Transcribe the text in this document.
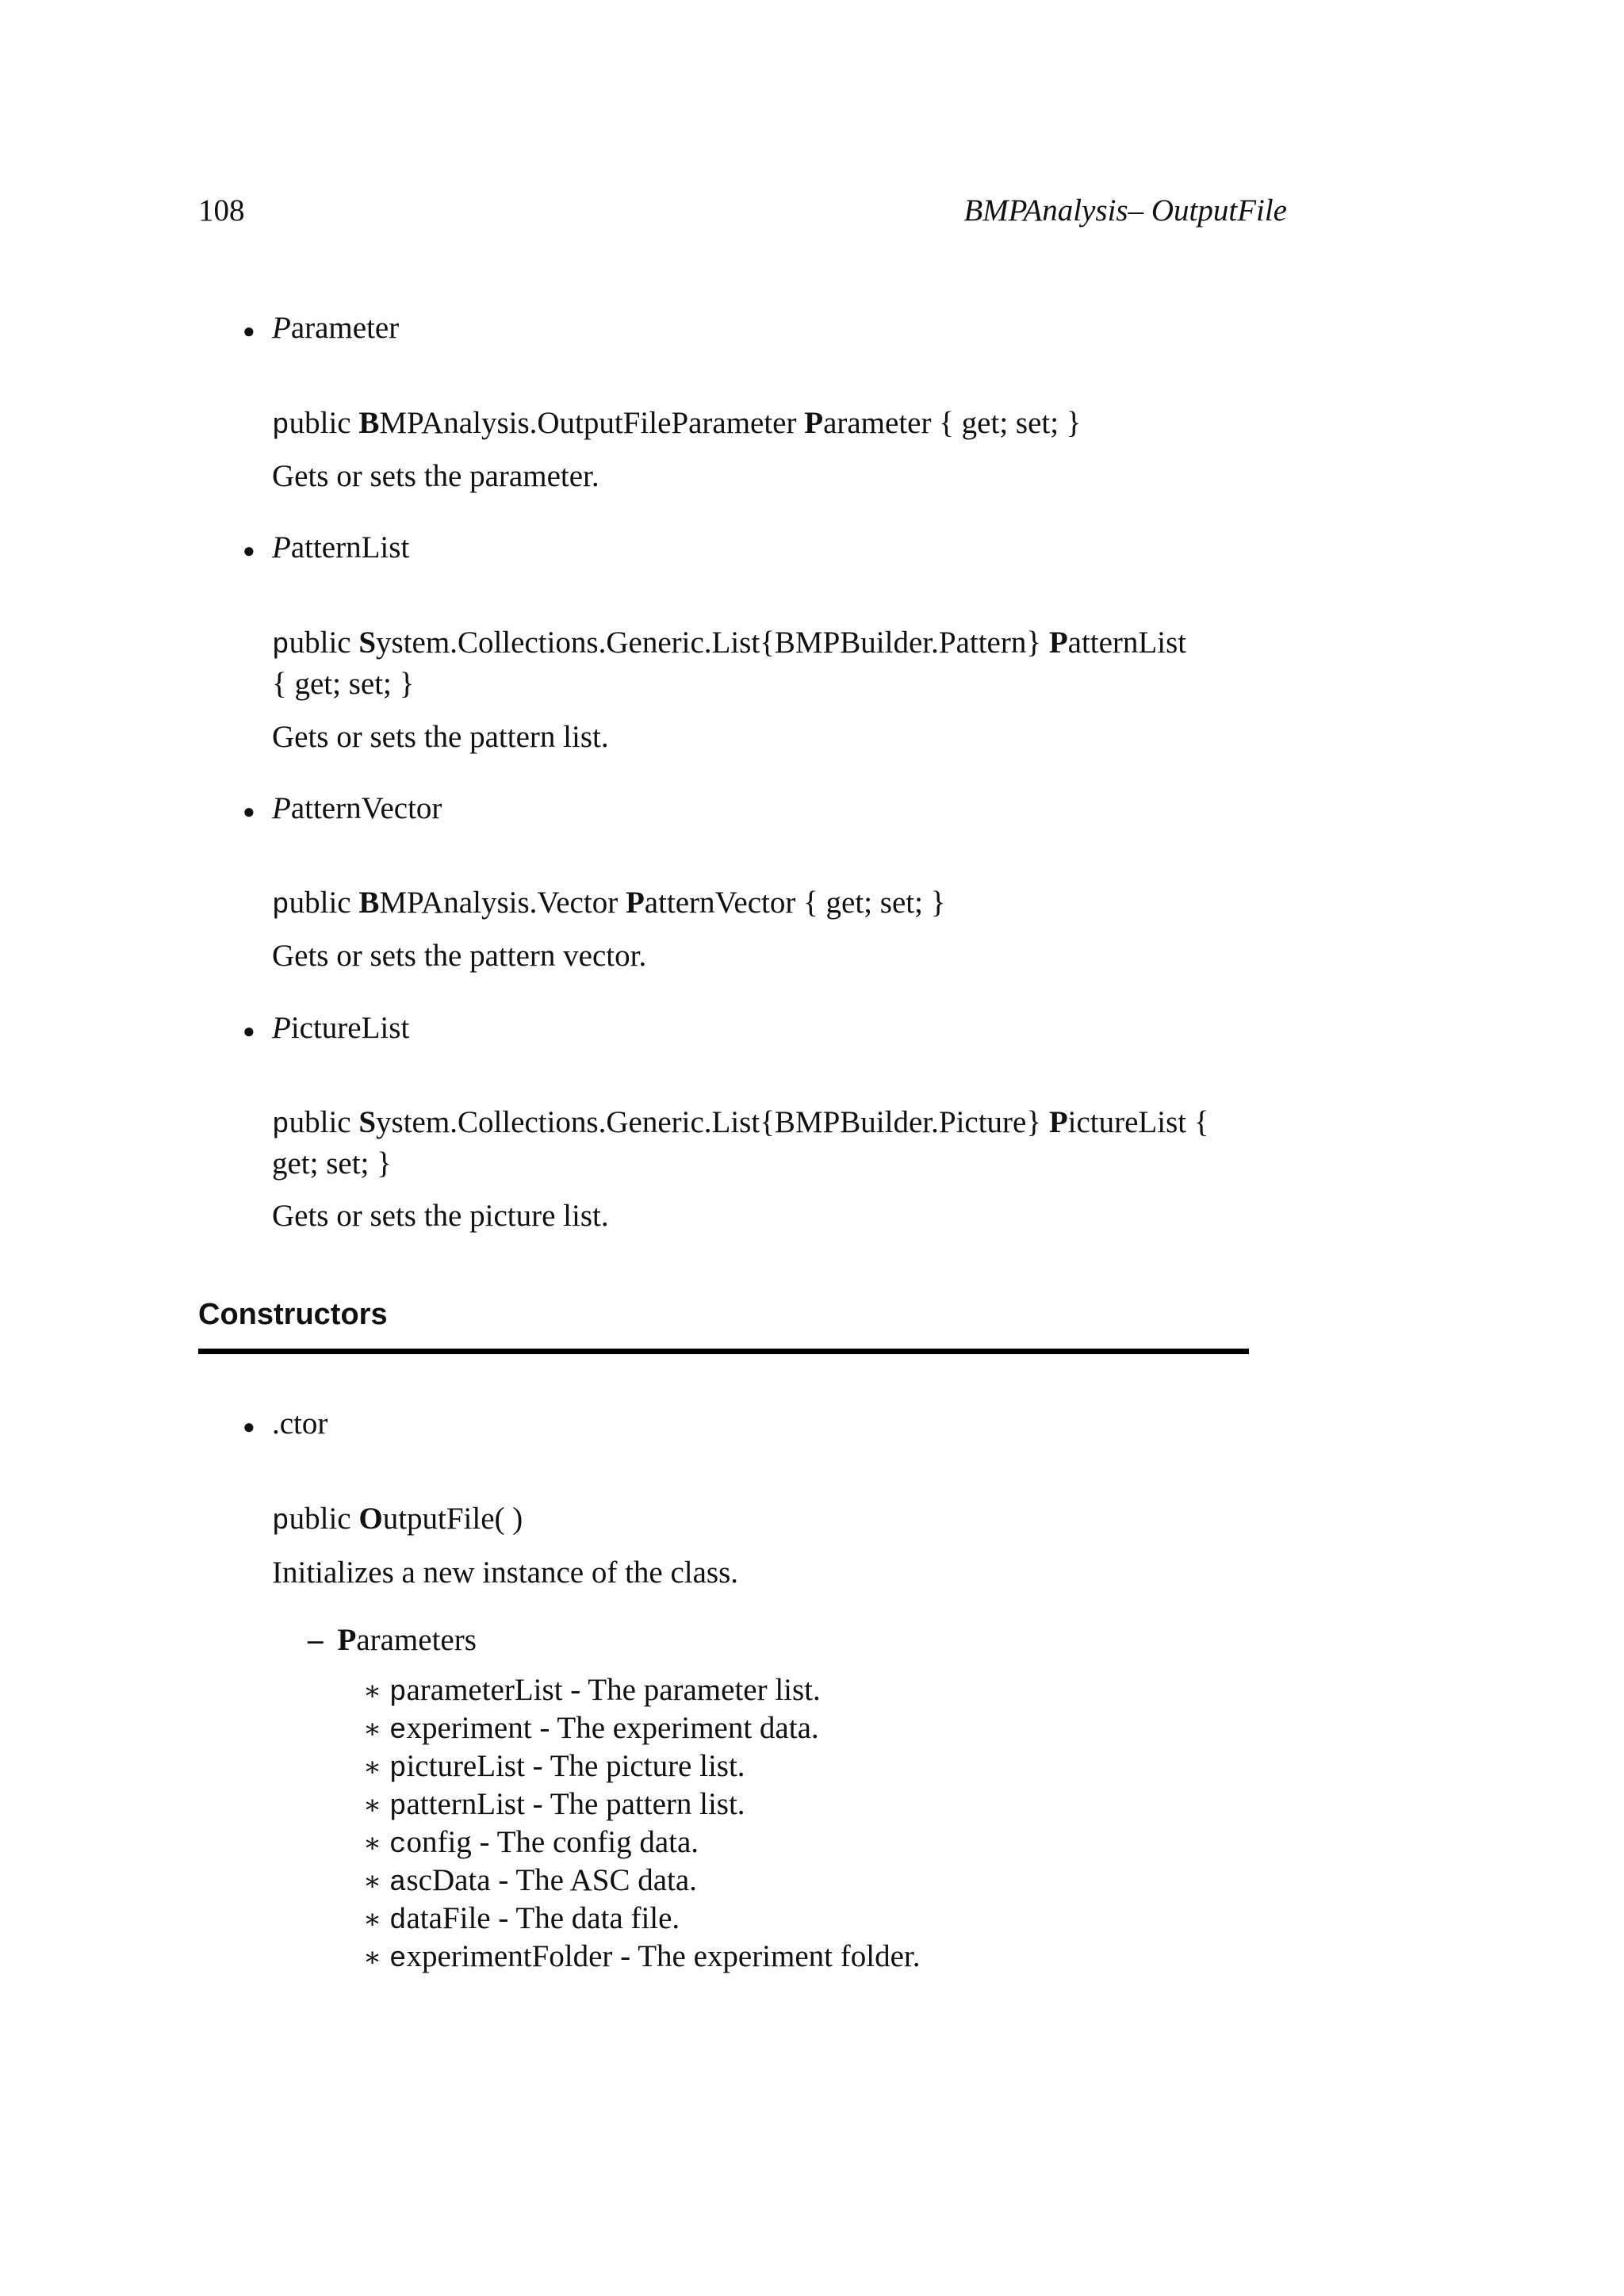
108	BMPAnalysis– OutputFile
● Parameter
public BMPAnalysis.OutputFileParameter Parameter { get; set; }
Gets or sets the parameter.
● PatternList
public System.Collections.Generic.List{BMPBuilder.Pattern} PatternList
{ get; set; }
Gets or sets the pattern list.
● PatternVector
public BMPAnalysis.Vector PatternVector { get; set; }
Gets or sets the pattern vector.
● PictureList
public System.Collections.Generic.List{BMPBuilder.Picture} PictureList {
get; set; }
Gets or sets the picture list.
Constructors
● .ctor
public OutputFile( )
Initializes a new instance of the class.
– Parameters
∗ parameterList - The parameter list.
∗ experiment - The experiment data.
∗ pictureList - The picture list.
∗ patternList - The pattern list.
∗ config - The config data.
∗ ascData - The ASC data.
∗ dataFile - The data file.
∗ experimentFolder - The experiment folder.
